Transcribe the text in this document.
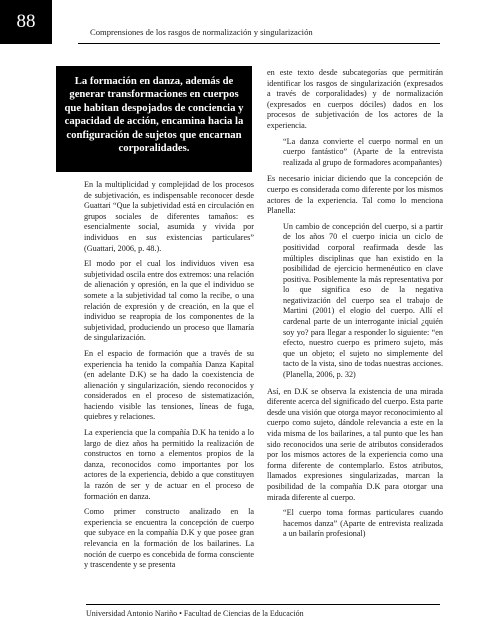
88	Comprensiones de los rasgos de normalización y singularización
La formación en danza, además de generar transformaciones en cuerpos que habitan despojados de conciencia y capacidad de acción, encamina hacia la configuración de sujetos que encarnan corporalidades.

En la multiplicidad y complejidad de los procesos de subjetivación, es indispensable reconocer desde Guattari “Que la subjetividad está en circulación en grupos sociales de diferentes tamaños: es esencialmente social, asumida y vivida por individuos en sus existencias particulares” (Guattari, 2006, p. 48.).

El modo por el cual los individuos viven esa subjetividad oscila entre dos extremos: una relación de alienación y opresión, en la que el individuo se somete a la subjetividad tal como la recibe, o una relación de expresión y de creación, en la que el individuo se reapropia de los componentes de la subjetividad, produciendo un proceso que llamaría de singularización.

En el espacio de formación que a través de su experiencia ha tenido la compañía Danza Kapital (en adelante D.K) se ha dado la coexistencia de alienación y singularización, siendo reconocidos y considerados en el proceso de sistematización, haciendo visible las tensiones, líneas de fuga, quiebres y relaciones.

La experiencia que la compañía D.K ha tenido a lo largo de diez años ha permitido la realización de constructos en torno a elementos propios de la danza, reconocidos como importantes por los actores de la experiencia, debido a que constituyen la razón de ser y de actuar en el proceso de formación en danza.

Como primer constructo analizado en la experiencia se encuentra la concepción de cuerpo que subyace en la compañía D.K y que posee gran relevancia en la formación de los bailarines. La noción de cuerpo es concebida de forma consciente y trascendente y se presenta

en este texto desde subcategorías que permitirán identificar los rasgos de singularización (expresados a través de corporalidades) y de normalización (expresados en cuerpos dóciles) dados en los procesos de subjetivación de los actores de la experiencia.

“La danza convierte el cuerpo normal en un cuerpo fantástico” (Aparte de la entrevista realizada al grupo de formadores acompañantes)

Es necesario iniciar diciendo que la concepción de cuerpo es considerada como diferente por los mismos actores de la experiencia. Tal como lo menciona Planella:

Un cambio de concepción del cuerpo, si a partir de los años 70 el cuerpo inicia un ciclo de positividad corporal reafirmada desde las múltiples disciplinas que han existido en la posibilidad de ejercicio hermenéutico en clave positiva. Posiblemente la más representativa por lo que significa eso de la negativa negativización del cuerpo sea el trabajo de Martini (2001) el elogio del cuerpo. Allí el cardenal parte de un interrogante inicial ¿quién soy yo? para llegar a responder lo siguiente: “en efecto, nuestro cuerpo es primero sujeto, más que un objeto; el sujeto no simplemente del tacto de la vista, sino de todas nuestras acciones. (Planella, 2006, p. 32)

Así, en D.K se observa la existencia de una mirada diferente acerca del significado del cuerpo. Esta parte desde una visión que otorga mayor reconocimiento al cuerpo como sujeto, dándole relevancia a este en la vida misma de los bailarines, a tal punto que les han sido reconocidos una serie de atributos considerados por los mismos actores de la experiencia como una forma diferente de contemplarlo. Estos atributos, llamados expresiones singularizadas, marcan la posibilidad de la compañía D.K para otorgar una mirada diferente al cuerpo.

“El cuerpo toma formas particulares cuando hacemos danza” (Aparte de entrevista realizada a un bailarín profesional)

Universidad Antonio Nariño • Facultad de Ciencias de la Educación
